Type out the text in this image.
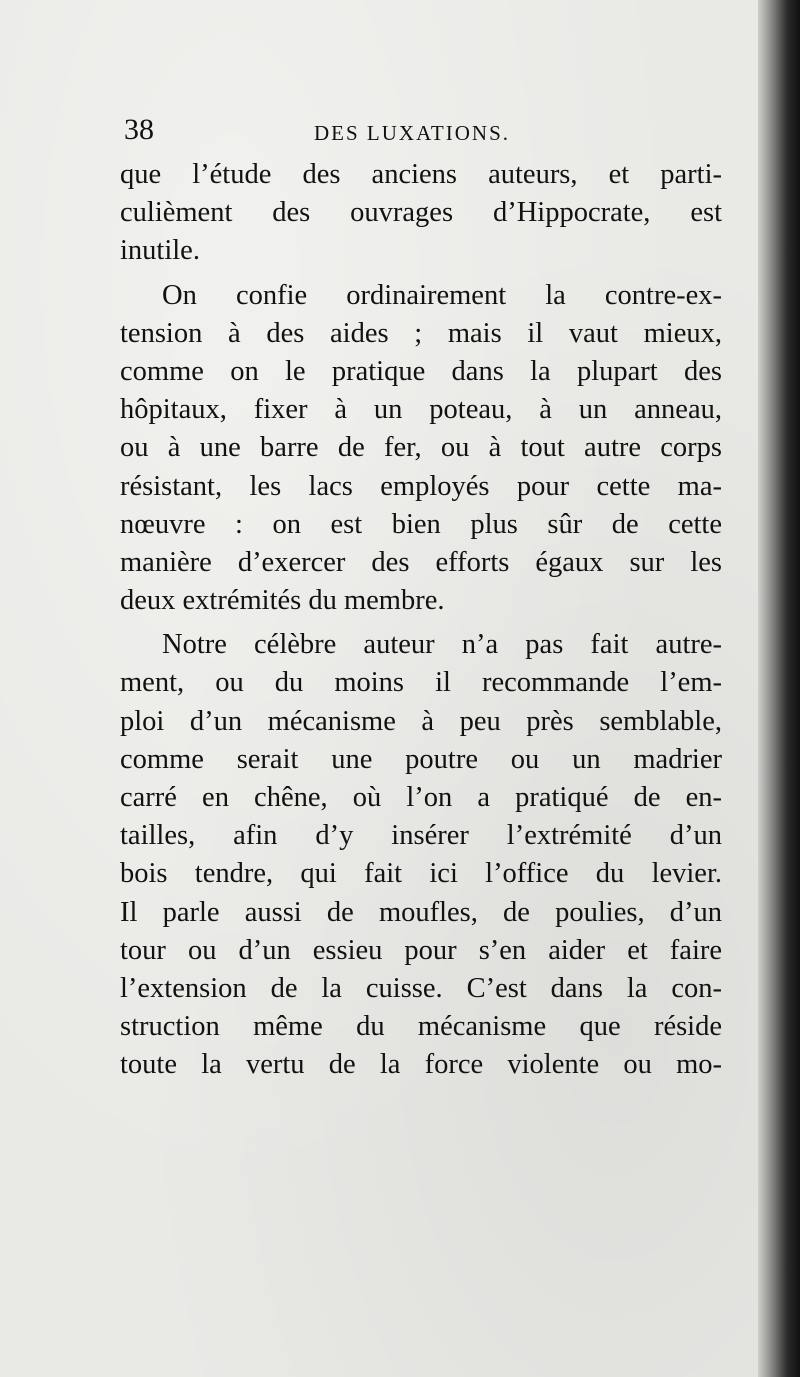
38	DES LUXATIONS.
que l’étude des anciens auteurs, et parti-
culièment des ouvrages d’Hippocrate, est
inutile.
On confie ordinairement la contre-ex-
tension à des aides ; mais il vaut mieux,
comme on le pratique dans la plupart des
hôpitaux, fixer à un poteau, à un anneau,
ou à une barre de fer, ou à tout autre corps
résistant, les lacs employés pour cette ma-
nœuvre : on est bien plus sûr de cette
manière d’exercer des efforts égaux sur les
deux extrémités du membre.
Notre célèbre auteur n’a pas fait autre-
ment, ou du moins il recommande l’em-
ploi d’un mécanisme à peu près semblable,
comme serait une poutre ou un madrier
carré en chêne, où l’on a pratiqué de en-
tailles, afin d’y insérer l’extrémité d’un
bois tendre, qui fait ici l’office du levier.
Il parle aussi de moufles, de poulies, d’un
tour ou d’un essieu pour s’en aider et faire
l’extension de la cuisse. C’est dans la con-
struction même du mécanisme que réside
toute la vertu de la force violente ou mo-
